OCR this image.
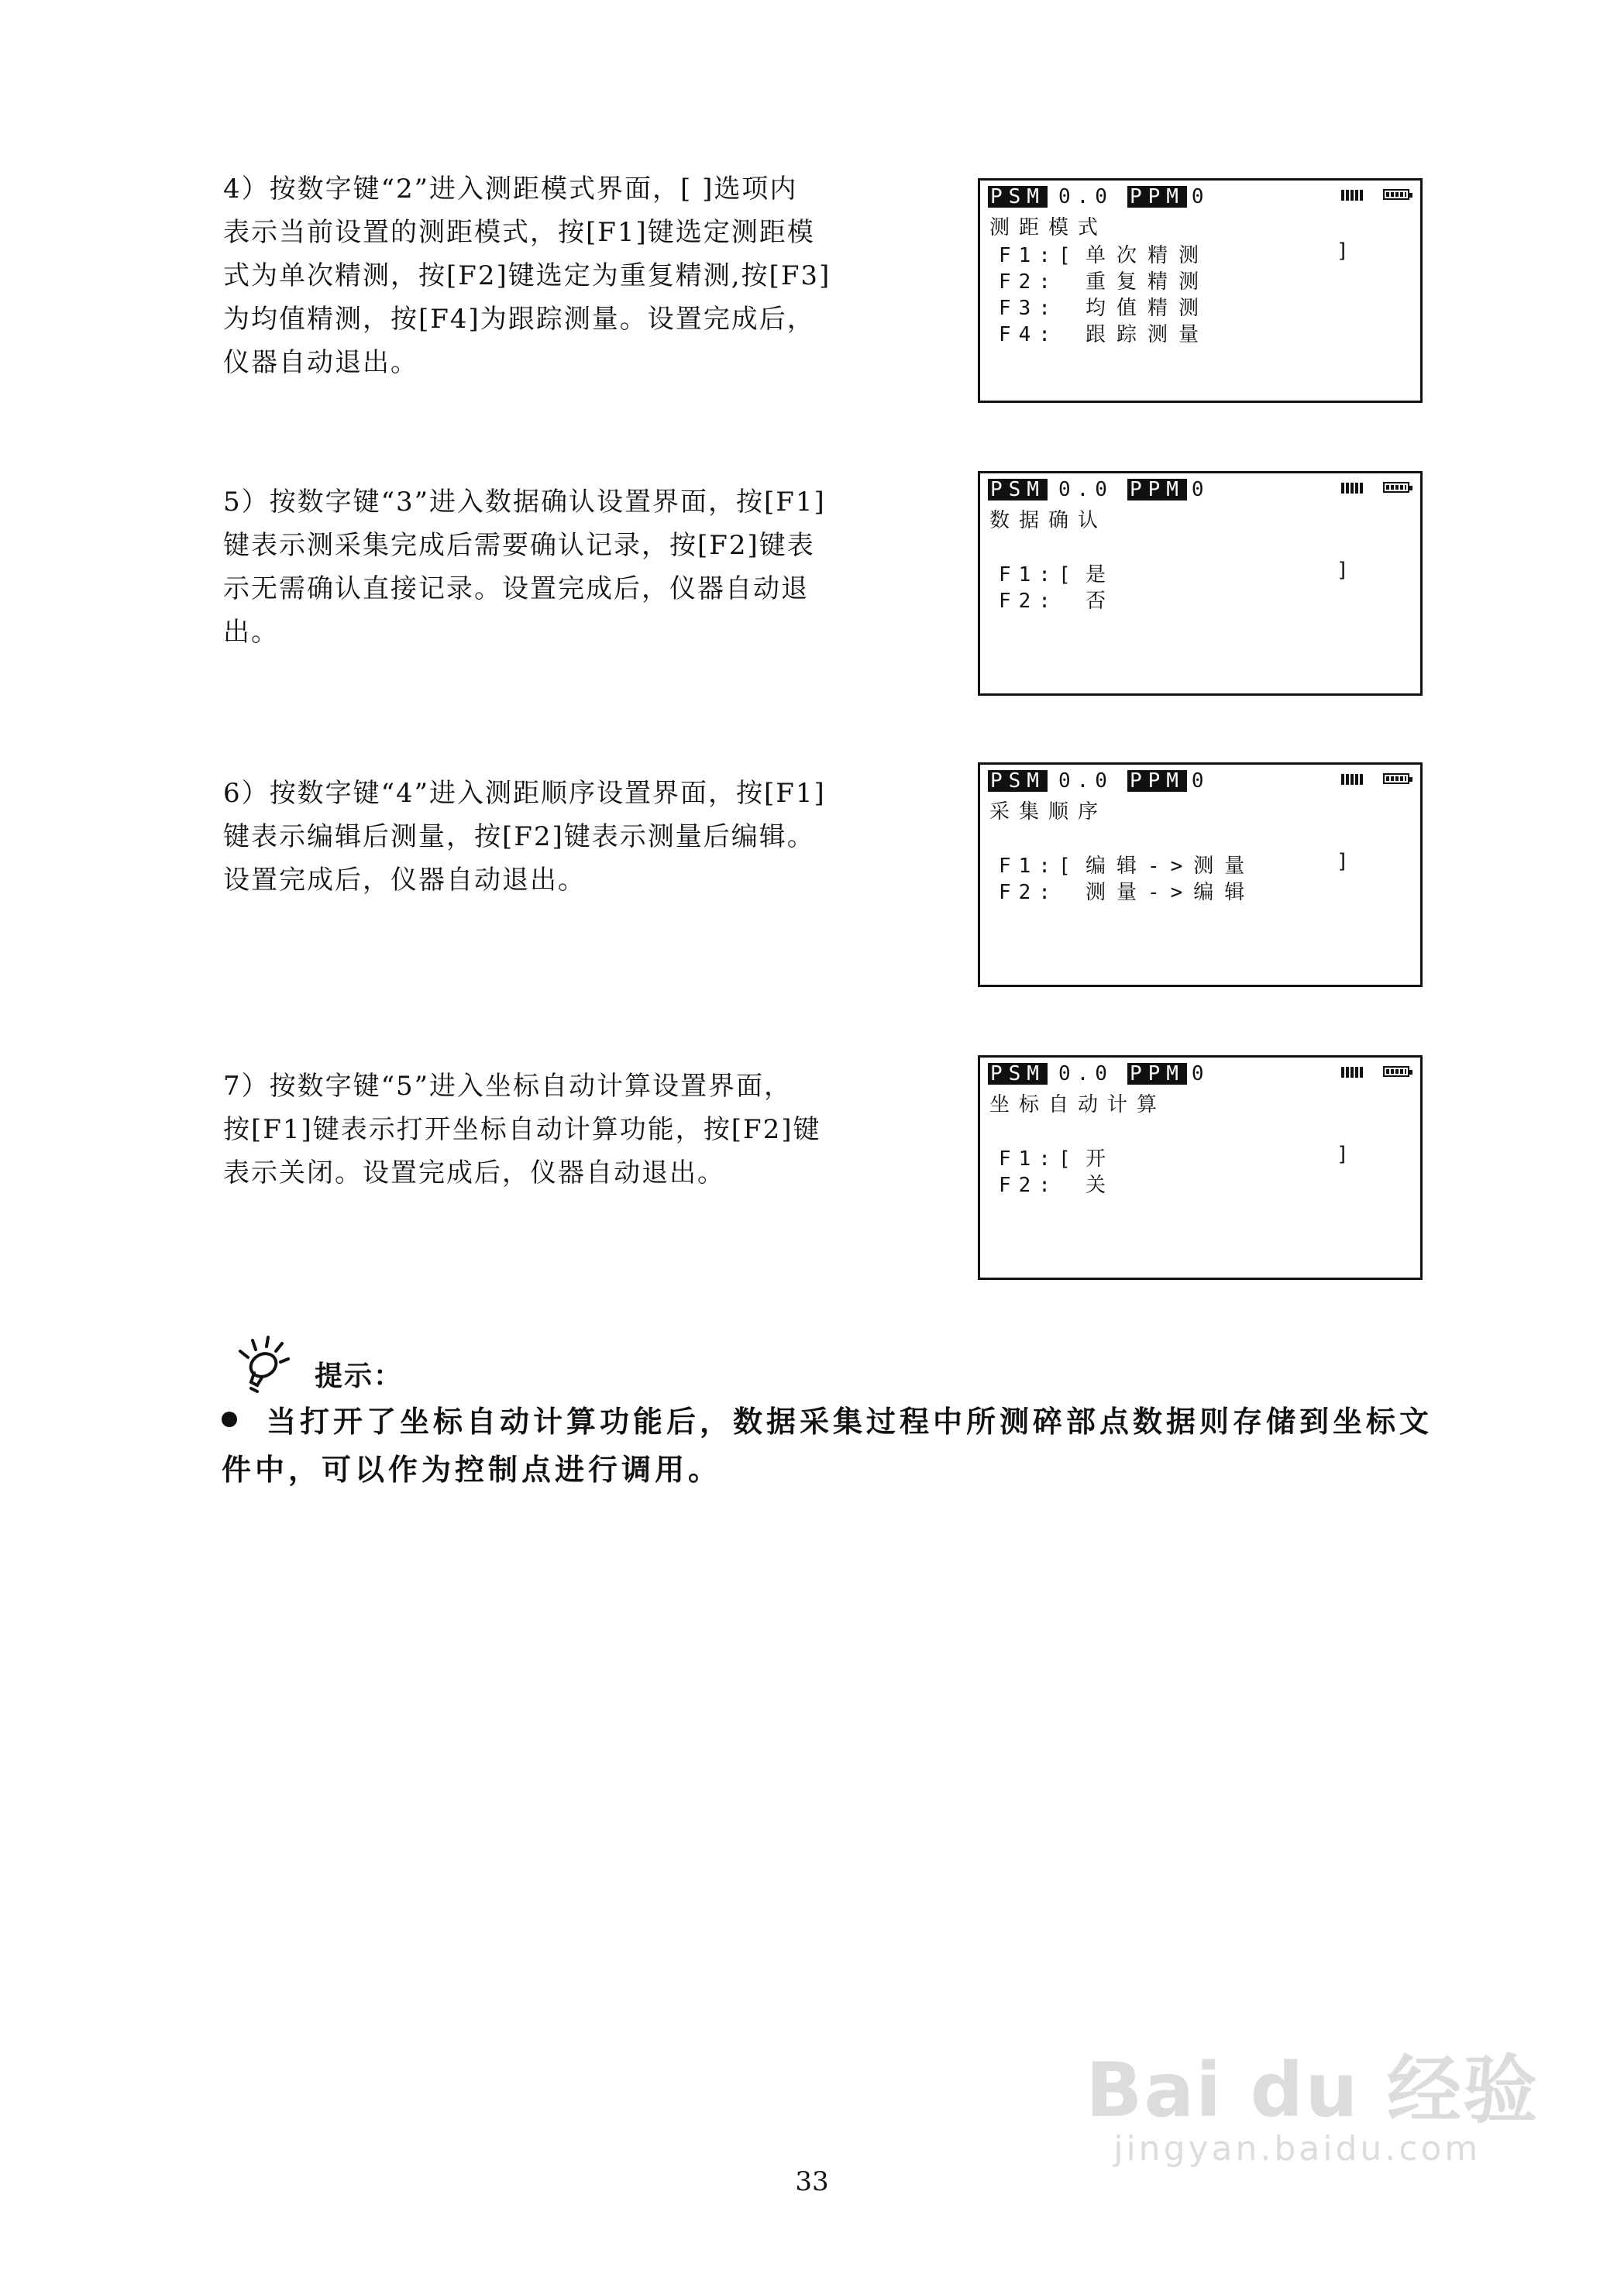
4）按数字键“2”进入测距模式界面，[ ]选项内
表示当前设置的测距模式，按[F1]键选定测距模
式为单次精测，按[F2]键选定为重复精测,按[F3]
为均值精测，按[F4]为跟踪测量。设置完成后，
仪器自动退出。
PSM 0.0 PPM 0
测距模式
F1:[ 单次精测	]
F2: 重复精测
F3: 均值精测
F4: 跟踪测量
5）按数字键“3”进入数据确认设置界面，按[F1]
键表示测采集完成后需要确认记录，按[F2]键表
示无需确认直接记录。设置完成后，仪器自动退
出。
PSM 0.0 PPM 0
数据确认
F1:[ 是	]
F2: 否
6）按数字键“4”进入测距顺序设置界面，按[F1]
键表示编辑后测量，按[F2]键表示测量后编辑。
设置完成后，仪器自动退出。
PSM 0.0 PPM 0
采集顺序
F1:[ 编辑->测量	]
F2: 测量->编辑
7）按数字键“5”进入坐标自动计算设置界面，
按[F1]键表示打开坐标自动计算功能，按[F2]键
表示关闭。设置完成后，仪器自动退出。
PSM 0.0 PPM 0
坐标自动计算
F1:[ 开	]
F2: 关
提示：
当打开了坐标自动计算功能后，数据采集过程中所测碎部点数据则存储到坐标文件中，可以作为控制点进行调用。
33
Bai du 经验
jingyan.baidu.com
